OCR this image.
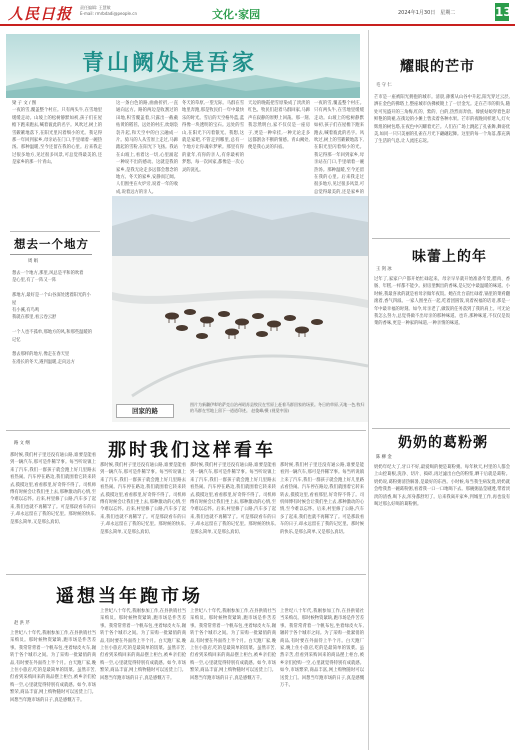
人民日报 责任编辑: 王慧敏
E-mail: rmrbdadi@people.cn	文化·家园	2024年1月30日　星期二	13
青山阙处是吾家
梁 子 文 / 图
一夜的雪,覆盖整个村庄。只有两头牛,在雪地里缓缓走动。山坡上的松树静默如初,孩子们在屋檐下跑来跑去,喊着彼此的名字。风吹过,树上的雪簌簌地落下,在阳光里闪着细小的光。我记得那一年回到家乡,母亲站在门口,手里端着一碗热汤。那种温暖,至今还留在我的心里。后来我走过很多地方,见过很多风景,可总觉得最美的,还是家乡的那一片青山。
想去一个地方
周 娟
想去一个地方,那里,风总是平和的吹着
是心里,有了一阵又一阵

那地方,最好是一个山谷深处透着阳光的小屋
有小溪,有鸟鸣
我就在那里,看云卷云舒

一个人也不孤单,那地方的风,和那些温暖的记忆

想去那样的地方,像走在春天里
在漫长的冬天,遇到温暖,走向远方
这一条白色的路,曲曲折折,一直通向远方。路的两边是收割过的田地,积雪覆盖着,只露出一截截枯黄的稻茬。远处的村庄,炊烟袅袅升起,和天空中的白云融成一片。骑马的人从雪原上走过,马蹄踏起的雪粉,在阳光下飞扬。我站在山坡上,看着这一切,心里涌起一种说不出的感动。这就是我的家乡,是我无论走多远都会想念的地方。冬天的家乡,安静而辽阔。人们围坐在火炉旁,说着一年的收成,说着远方的亲人。
冬天的草原,一望无际。马群在雪地里奔跑,那是牧民们一年中最快乐的时光。雪后的天空格外蓝,蓝得像一块透明的宝石。远处的雪山,在阳光下闪着银光。我想,这就是家吧,不管走到哪里,总有一个地方让你魂牵梦萦。那里有你的童年,有你的亲人,有你最初的梦想。每一次回家,都像是一次心灵的洗礼。
天边的晚霞把雪原染成了淡淡的红色。牧民们赶着马群回家,马蹄声在寂静的原野上回荡。那一刻,我忽然明白,家不仅仅是一座房子,更是一种牵挂,一种无论走多远都割舍不断的情感。青山阙处,便是我心灵的归宿。
一夜的雪,覆盖整个村庄。只有两头牛,在雪地里缓缓走动。山坡上的松树静默如初,孩子们在屋檐下跑来跑去,喊着彼此的名字。风吹过,树上的雪簌簌地落下,在阳光里闪着细小的光。我记得那一年回到家乡,母亲站在门口,手里端着一碗热汤。那种温暖,至今还留在我的心里。后来我走过很多地方,见过很多风景,可总觉得最美的,还是家乡的
回家的路
图片为新疆伊犁哈萨克自治州昭苏县牧民在雪原上赶着马群回家的场景。冬日的草原,天地一色,牧归的马群在雪地上留下一道道印迹。 赵俊峰/摄 (视觉中国)
耀眼的芒市
毛 守 仁
芒市是一座被阳光拥抱的城市。清晨,薄雾从山谷中升起,阳光穿过云层,洒在金色的佛塔上,整座城市仿佛被镀上了一层金光。走在芒市的街头,随处可见盛开的三角梅,红的、紫的、白的,热烈而奔放。傣族姑娘穿着色彩鲜艳的筒裙,在街边的小摊上售卖着各种水果。芒市的夜晚同样迷人,灯火辉煌的树包塔,在夜色中闪耀着光芒。人们在广场上跳起了孔雀舞,舞姿优美,如同一只只美丽的孔雀在月光下翩翩起舞。这里的每一个角落,都充满了生活的气息,让人流连忘返。
味蕾上的年
王 剑 冰
过年了,家家户户都开始忙碌起来。母亲早早就开始准备年货,腊肉、香肠、年糕,一样都不能少。厨房里飘出的香味,是记忆中最温暖的味道。小时候,我最喜欢的就是看母亲做年夜饭。她在灶台前忙碌着,锅里的菜肴翻滚着,香气四溢。一家人围坐在一起,吃着团圆饭,说着祝福的话语,那是一年中最幸福的时刻。如今,母亲老了,做饭的任务落到了我的肩上。可无论我怎么努力,总觉得做不出母亲的那种味道。也许,那种味道,不仅仅是饭菜的香味,更是一种家的味道,一种亲情的味道。
奶奶的葛粉粥
陈 柳 金
奶奶年纪大了,牙口不好,最爱喝的便是葛粉粥。每年秋天,村里的人都会上山挖葛根,洗净、切片、捣碎,再过滤出白色的粉浆,晒干后就是葛粉。奶奶说,葛粉粥清热解暑,是最好的东西。小时候,每当我生病发烧,奶奶就会给我煮一碗葛粉粥,看着我一口一口地喝下去。那碗粥晶莹剔透,带着淡淡的清香,喝下去,浑身都舒坦了。后来我离开家乡,到城里工作,再也没有喝过那么好喝的葛粉粥。
那时我们这样看车
路 文 纲
那时候,我们村子里还没有通公路,谁要是能看到一辆汽车,那可是件稀罕事。每当听说镇上来了汽车,我们一群孩子就会跑上好几里路去看热闹。汽车停在路边,我们就围着它转来转去,摸摸这里,看看那里,好奇得不得了。司机师傅有时候会让我们坐上去,那种激动的心情,至今难以忘怀。后来,村里修了公路,汽车多了起来,我们也就不再稀罕了。可是那段看车的日子,却永远留在了我的记忆里。那时候的快乐,是那么简单,又是那么真切。
那时候,我们村子里还没有通公路,谁要是能看到一辆汽车,那可是件稀罕事。每当听说镇上来了汽车,我们一群孩子就会跑上好几里路去看热闹。汽车停在路边,我们就围着它转来转去,摸摸这里,看看那里,好奇得不得了。司机师傅有时候会让我们坐上去,那种激动的心情,至今难以忘怀。后来,村里修了公路,汽车多了起来,我们也就不再稀罕了。可是那段看车的日子,却永远留在了我的记忆里。那时候的快乐,是那么简单,又是那么真切。
那时候,我们村子里还没有通公路,谁要是能看到一辆汽车,那可是件稀罕事。每当听说镇上来了汽车,我们一群孩子就会跑上好几里路去看热闹。汽车停在路边,我们就围着它转来转去,摸摸这里,看看那里,好奇得不得了。司机师傅有时候会让我们坐上去,那种激动的心情,至今难以忘怀。后来,村里修了公路,汽车多了起来,我们也就不再稀罕了。可是那段看车的日子,却永远留在了我的记忆里。那时候的快乐,是那么简单,又是那么真切。
那时候,我们村子里还没有通公路,谁要是能看到一辆汽车,那可是件稀罕事。每当听说镇上来了汽车,我们一群孩子就会跑上好几里路去看热闹。汽车停在路边,我们就围着它转来转去,摸摸这里,看看那里,好奇得不得了。司机师傅有时候会让我们坐上去,那种激动的心情,至今难以忘怀。后来,村里修了公路,汽车多了起来,我们也就不再稀罕了。可是那段看车的日子,却永远留在了我的记忆里。那时候的快乐,是那么简单,又是那么真切。
遥想当年跑市场
赵 洪 芹
上世纪八十年代,我刚参加工作,在县供销社当采购员。那时候物资紧缺,跑市场是件苦差事。我常常背着一个帆布包,坐着绿皮火车,辗转于各个城市之间。为了采购一批紧俏的商品,有时要在外面待上半个月。白天跑厂家,晚上住小旅店,吃的是最简单的饭菜。虽然辛苦,但看到采购回来的商品摆上柜台,被乡亲们抢购一空,心里就觉得特别有成就感。如今,市场繁荣,商品丰富,网上购物随时可以送货上门。回想当年跑市场的日子,真是感慨万千。
上世纪八十年代,我刚参加工作,在县供销社当采购员。那时候物资紧缺,跑市场是件苦差事。我常常背着一个帆布包,坐着绿皮火车,辗转于各个城市之间。为了采购一批紧俏的商品,有时要在外面待上半个月。白天跑厂家,晚上住小旅店,吃的是最简单的饭菜。虽然辛苦,但看到采购回来的商品摆上柜台,被乡亲们抢购一空,心里就觉得特别有成就感。如今,市场繁荣,商品丰富,网上购物随时可以送货上门。回想当年跑市场的日子,真是感慨万千。
上世纪八十年代,我刚参加工作,在县供销社当采购员。那时候物资紧缺,跑市场是件苦差事。我常常背着一个帆布包,坐着绿皮火车,辗转于各个城市之间。为了采购一批紧俏的商品,有时要在外面待上半个月。白天跑厂家,晚上住小旅店,吃的是最简单的饭菜。虽然辛苦,但看到采购回来的商品摆上柜台,被乡亲们抢购一空,心里就觉得特别有成就感。如今,市场繁荣,商品丰富,网上购物随时可以送货上门。回想当年跑市场的日子,真是感慨万千。
上世纪八十年代,我刚参加工作,在县供销社当采购员。那时候物资紧缺,跑市场是件苦差事。我常常背着一个帆布包,坐着绿皮火车,辗转于各个城市之间。为了采购一批紧俏的商品,有时要在外面待上半个月。白天跑厂家,晚上住小旅店,吃的是最简单的饭菜。虽然辛苦,但看到采购回来的商品摆上柜台,被乡亲们抢购一空,心里就觉得特别有成就感。如今,市场繁荣,商品丰富,网上购物随时可以送货上门。回想当年跑市场的日子,真是感慨万千。
